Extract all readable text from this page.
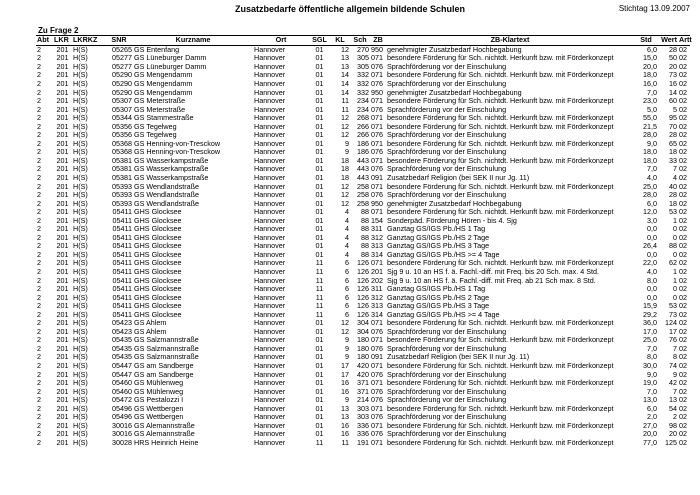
Zusatzbedarfe öffentliche allgemein bildende Schulen	Stichtag 13.09.2007
Zu Frage 2
Abt	LKR	LKRKZ	SNR	Kurzname	Ort	SGL	KL	Sch	ZB	ZB-Klartext	Std	Wert	Artt
2	201	H(S)	05265	GS Entenfang	Hannover	01	12	270	950	genehmigter Zusatzbedarf Hochbegabung	6,0	28	02
2	201	H(S)	05277	GS Lüneburger Damm	Hannover	01	13	305	071	besondere Förderung für Sch. nichtdt. Herkunft bzw. mit Förderkonzept	15,0	50	02
2	201	H(S)	05277	GS Lüneburger Damm	Hannover	01	13	305	076	Sprachförderung vor der Einschulung	20,0	20	02
2	201	H(S)	05290	GS Mengendamm	Hannover	01	14	332	071	besondere Förderung für Sch. nichtdt. Herkunft bzw. mit Förderkonzept	18,0	73	02
2	201	H(S)	05290	GS Mengendamm	Hannover	01	14	332	076	Sprachförderung vor der Einschulung	16,0	16	02
2	201	H(S)	05290	GS Mengendamm	Hannover	01	14	332	950	genehmigter Zusatzbedarf Hochbegabung	7,0	14	02
2	201	H(S)	05307	GS Meterstraße	Hannover	01	11	234	071	besondere Förderung für Sch. nichtdt. Herkunft bzw. mit Förderkonzept	23,0	60	02
2	201	H(S)	05307	GS Meterstraße	Hannover	01	11	234	076	Sprachförderung vor der Einschulung	5,0	5	02
2	201	H(S)	05344	GS Stammestraße	Hannover	01	12	268	071	besondere Förderung für Sch. nichtdt. Herkunft bzw. mit Förderkonzept	55,0	95	02
2	201	H(S)	05356	GS Tegelweg	Hannover	01	12	266	071	besondere Förderung für Sch. nichtdt. Herkunft bzw. mit Förderkonzept	21,5	70	02
2	201	H(S)	05356	GS Tegelweg	Hannover	01	12	266	076	Sprachförderung vor der Einschulung	28,0	28	02
2	201	H(S)	05368	GS Henning-von-Tresckow	Hannover	01	9	186	071	besondere Förderung für Sch. nichtdt. Herkunft bzw. mit Förderkonzept	9,0	65	02
2	201	H(S)	05368	GS Henning-von-Tresckow	Hannover	01	9	186	076	Sprachförderung vor der Einschulung	18,0	18	02
2	201	H(S)	05381	GS Wasserkampstraße	Hannover	01	18	443	071	besondere Förderung für Sch. nichtdt. Herkunft bzw. mit Förderkonzept	18,0	33	02
2	201	H(S)	05381	GS Wasserkampstraße	Hannover	01	18	443	076	Sprachförderung vor der Einschulung	7,0	7	02
2	201	H(S)	05381	GS Wasserkampstraße	Hannover	01	18	443	091	Zusatzbedarf Religion (bei SEK II nur Jg. 11)	4,0	4	02
2	201	H(S)	05393	GS Wendlandstraße	Hannover	01	12	258	071	besondere Förderung für Sch. nichtdt. Herkunft bzw. mit Förderkonzept	25,0	40	02
2	201	H(S)	05393	GS Wendlandstraße	Hannover	01	12	258	076	Sprachförderung vor der Einschulung	28,0	28	02
2	201	H(S)	05393	GS Wendlandstraße	Hannover	01	12	258	950	genehmigter Zusatzbedarf Hochbegabung	6,0	18	02
2	201	H(S)	05411	GHS Glocksee	Hannover	01	4	88	071	besondere Förderung für Sch. nichtdt. Herkunft bzw. mit Förderkonzept	12,0	53	02
2	201	H(S)	05411	GHS Glocksee	Hannover	01	4	88	154	Sonderpäd. Förderung Hören - bis 4. Sjg	3,0	1	02
2	201	H(S)	05411	GHS Glocksee	Hannover	01	4	88	311	Ganztag GS/IGS Pb./HS 1 Tag	0,0	0	02
2	201	H(S)	05411	GHS Glocksee	Hannover	01	4	88	312	Ganztag GS/IGS Pb./HS 2 Tage	0,0	0	02
2	201	H(S)	05411	GHS Glocksee	Hannover	01	4	88	313	Ganztag GS/IGS Pb./HS 3 Tage	26,4	88	02
2	201	H(S)	05411	GHS Glocksee	Hannover	01	4	88	314	Ganztag GS/IGS Pb./HS >= 4 Tage	0,0	0	02
2	201	H(S)	05411	GHS Glocksee	Hannover	11	6	126	071	besondere Förderung für Sch. nichtdt. Herkunft bzw. mit Förderkonzept	22,0	62	02
2	201	H(S)	05411	GHS Glocksee	Hannover	11	6	126	201	Sjg 9 u. 10 an HS f. ä. Fachl.-diff. mit Freq. bis 20 Sch. max. 4 Std.	4,0	1	02
2	201	H(S)	05411	GHS Glocksee	Hannover	11	6	126	202	Sjg 9 u. 10 an HS f. ä. Fachl.-diff. mit Freq. ab 21 Sch max. 8 Std.	8,0	1	02
2	201	H(S)	05411	GHS Glocksee	Hannover	11	6	126	311	Ganztag GS/IGS Pb./HS 1 Tag	0,0	0	02
2	201	H(S)	05411	GHS Glocksee	Hannover	11	6	126	312	Ganztag GS/IGS Pb./HS 2 Tage	0,0	0	02
2	201	H(S)	05411	GHS Glocksee	Hannover	11	6	126	313	Ganztag GS/IGS Pb./HS 3 Tage	15,9	53	02
2	201	H(S)	05411	GHS Glocksee	Hannover	11	6	126	314	Ganztag GS/IGS Pb./HS >= 4 Tage	29,2	73	02
2	201	H(S)	05423	GS Ahlem	Hannover	01	12	304	071	besondere Förderung für Sch. nichtdt. Herkunft bzw. mit Förderkonzept	36,0	124	02
2	201	H(S)	05423	GS Ahlem	Hannover	01	12	304	076	Sprachförderung vor der Einschulung	17,0	17	02
2	201	H(S)	05435	GS Salzmannstraße	Hannover	01	9	180	071	besondere Förderung für Sch. nichtdt. Herkunft bzw. mit Förderkonzept	25,0	76	02
2	201	H(S)	05435	GS Salzmannstraße	Hannover	01	9	180	076	Sprachförderung vor der Einschulung	7,0	7	02
2	201	H(S)	05435	GS Salzmannstraße	Hannover	01	9	180	091	Zusatzbedarf Religion (bei SEK II nur Jg. 11)	8,0	8	02
2	201	H(S)	05447	GS am Sandberge	Hannover	01	17	420	071	besondere Förderung für Sch. nichtdt. Herkunft bzw. mit Förderkonzept	30,0	74	02
2	201	H(S)	05447	GS am Sandberge	Hannover	01	17	420	076	Sprachförderung vor der Einschulung	9,0	9	02
2	201	H(S)	05460	GS Mühlenweg	Hannover	01	16	371	071	besondere Förderung für Sch. nichtdt. Herkunft bzw. mit Förderkonzept	19,0	42	02
2	201	H(S)	05460	GS Mühlenweg	Hannover	01	16	371	076	Sprachförderung vor der Einschulung	7,0	7	02
2	201	H(S)	05472	GS Pestalozzi I	Hannover	01	9	214	076	Sprachförderung vor der Einschulung	13,0	13	02
2	201	H(S)	05496	GS Wettbergen	Hannover	01	13	303	071	besondere Förderung für Sch. nichtdt. Herkunft bzw. mit Förderkonzept	6,0	54	02
2	201	H(S)	05496	GS Wettbergen	Hannover	01	13	303	076	Sprachförderung vor der Einschulung	2,0	2	02
2	201	H(S)	30016	GS Alemannstraße	Hannover	01	16	336	071	besondere Förderung für Sch. nichtdt. Herkunft bzw. mit Förderkonzept	27,0	98	02
2	201	H(S)	30016	GS Alemannstraße	Hannover	01	16	336	076	Sprachförderung vor der Einschulung	20,0	20	02
2	201	H(S)	30028	HRS Heinrich Heine	Hannover	11	11	191	071	besondere Förderung für Sch. nichtdt. Herkunft bzw. mit Förderkonzept	77,0	125	02
